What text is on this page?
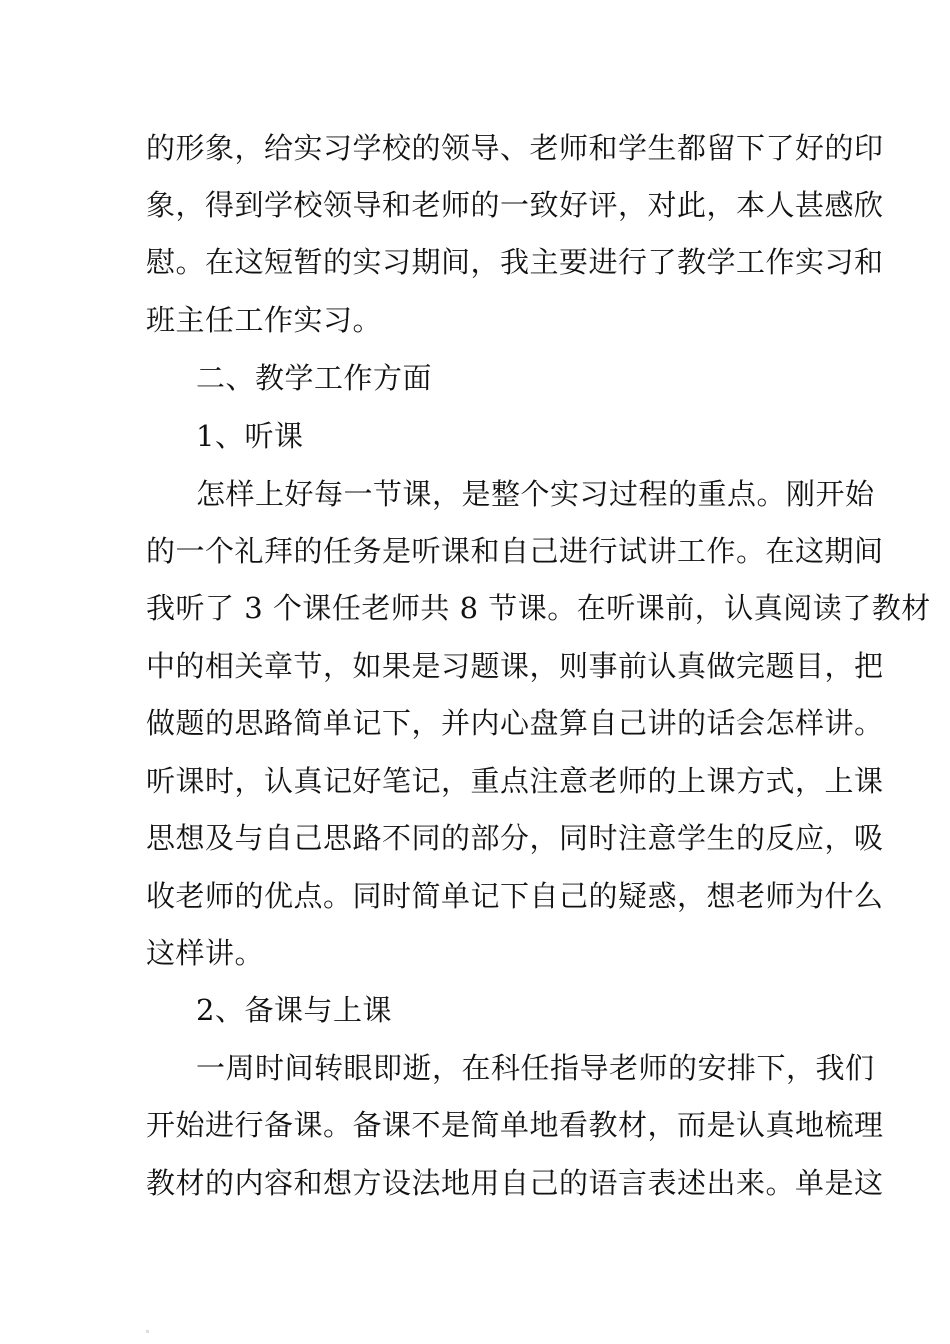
的形象，给实习学校的领导、老师和学生都留下了好的印
象，得到学校领导和老师的一致好评，对此，本人甚感欣
慰。在这短暂的实习期间，我主要进行了教学工作实习和
班主任工作实习。
二、教学工作方面
1、听课
怎样上好每一节课，是整个实习过程的重点。刚开始
的一个礼拜的任务是听课和自己进行试讲工作。在这期间
我听了 3 个课任老师共 8 节课。在听课前，认真阅读了教材
中的相关章节，如果是习题课，则事前认真做完题目，把
做题的思路简单记下，并内心盘算自己讲的话会怎样讲。
听课时，认真记好笔记，重点注意老师的上课方式，上课
思想及与自己思路不同的部分，同时注意学生的反应，吸
收老师的优点。同时简单记下自己的疑惑，想老师为什么
这样讲。
2、备课与上课
一周时间转眼即逝，在科任指导老师的安排下，我们
开始进行备课。备课不是简单地看教材，而是认真地梳理
教材的内容和想方设法地用自己的语言表述出来。单是这
